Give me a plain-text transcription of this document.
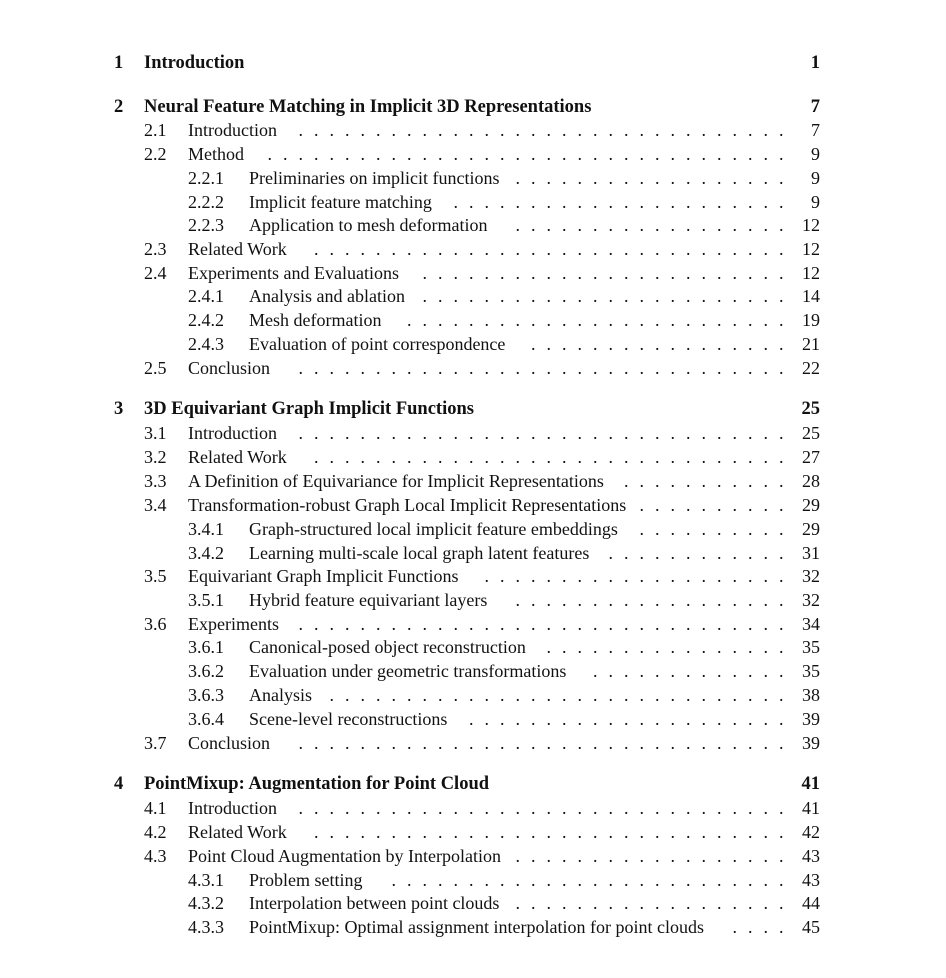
1 Introduction	1
2 Neural Feature Matching in Implicit 3D Representations	7
2.1 Introduction	. . . . . . . . . . . . . . . . . . . . . . . . . . . . . . . .	7
2.2 Method	. . . . . . . . . . . . . . . . . . . . . . . . . . . . . . . . . .	9
2.2.1 Preliminaries on implicit functions . . . . . . . . . . . . . . . . . .	9
2.2.2 Implicit feature matching	. . . . . . . . . . . . . . . . . . . . . .	9
2.2.3 Application to mesh deformation	. . . . . . . . . . . . . . . . . .	12
2.3 Related Work	. . . . . . . . . . . . . . . . . . . . . . . . . . . . . . .	12
2.4 Experiments and Evaluations	. . . . . . . . . . . . . . . . . . . . . . . .	12
2.4.1 Analysis and ablation . . . . . . . . . . . . . . . . . . . . . . . .	14
2.4.2 Mesh deformation	. . . . . . . . . . . . . . . . . . . . . . . . .	19
2.4.3 Evaluation of point correspondence	. . . . . . . . . . . . . . . . .	21
2.5 Conclusion	. . . . . . . . . . . . . . . . . . . . . . . . . . . . . . . .	22
3 3D Equivariant Graph Implicit Functions	25
3.1 Introduction	. . . . . . . . . . . . . . . . . . . . . . . . . . . . . . . .	25
3.2 Related Work	. . . . . . . . . . . . . . . . . . . . . . . . . . . . . . .	27
3.3 A Definition of Equivariance for Implicit Representations	. . . . . . . . . . .	28
3.4 Transformation-robust Graph Local Implicit Representations . . . . . . . . . .	29
3.4.1 Graph-structured local implicit feature embeddings	. . . . . . . . . .	29
3.4.2 Learning multi-scale local graph latent features	. . . . . . . . . . . .	31
3.5 Equivariant Graph Implicit Functions	. . . . . . . . . . . . . . . . . . . .	32
3.5.1 Hybrid feature equivariant layers	. . . . . . . . . . . . . . . . . .	32
3.6 Experiments	. . . . . . . . . . . . . . . . . . . . . . . . . . . . . . . .	34
3.6.1 Canonical-posed object reconstruction	. . . . . . . . . . . . . . . .	35
3.6.2 Evaluation under geometric transformations	. . . . . . . . . . . . .	35
3.6.3 Analysis . . . . . . . . . . . . . . . . . . . . . . . . . . . . . .	38
3.6.4 Scene-level reconstructions	. . . . . . . . . . . . . . . . . . . . .	39
3.7 Conclusion	. . . . . . . . . . . . . . . . . . . . . . . . . . . . . . . .	39
4 PointMixup: Augmentation for Point Cloud	41
4.1 Introduction	. . . . . . . . . . . . . . . . . . . . . . . . . . . . . . . .	41
4.2 Related Work	. . . . . . . . . . . . . . . . . . . . . . . . . . . . . . .	42
4.3 Point Cloud Augmentation by Interpolation . . . . . . . . . . . . . . . . . .	43
4.3.1 Problem setting	. . . . . . . . . . . . . . . . . . . . . . . . . .	43
4.3.2 Interpolation between point clouds . . . . . . . . . . . . . . . . . .	44
4.3.3 PointMixup: Optimal assignment interpolation for point clouds	. . . .	45
